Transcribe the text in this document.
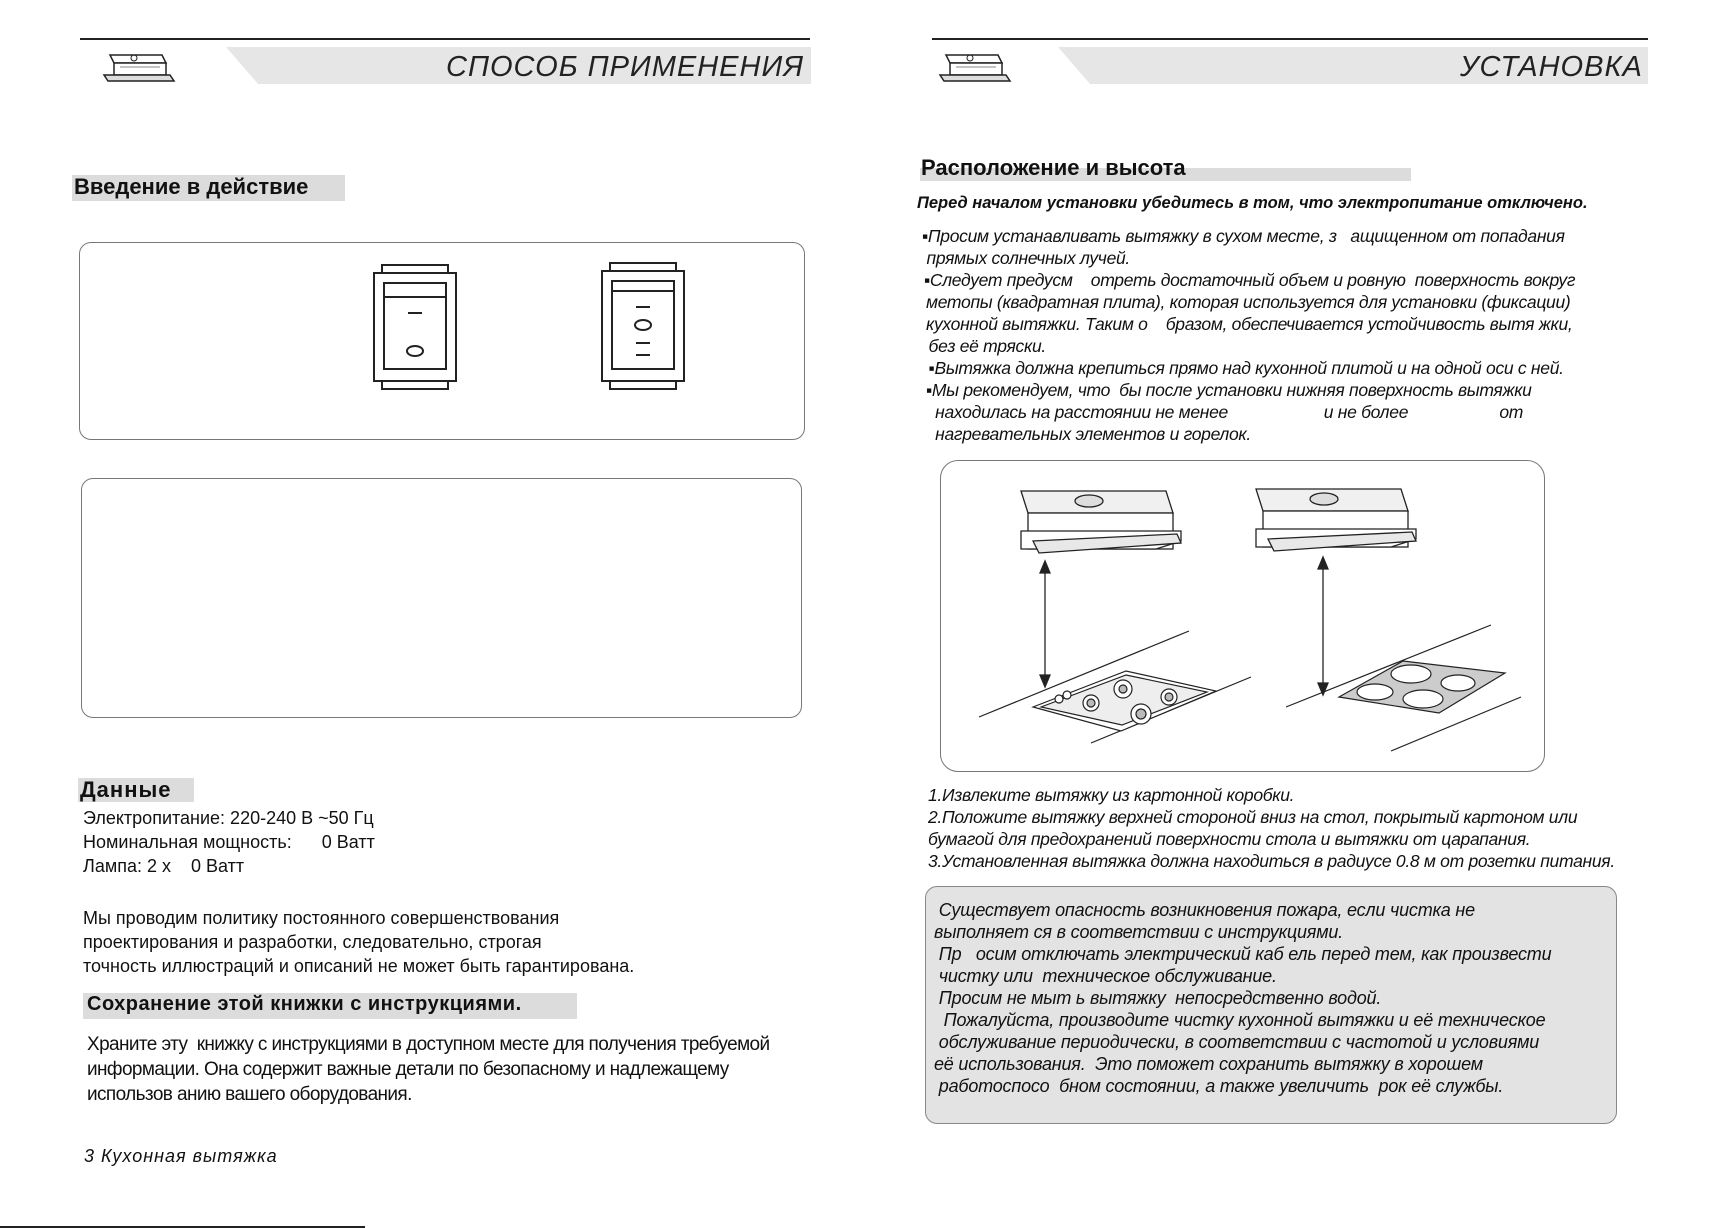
СПОСОБ ПРИМЕНЕНИЯ
Введение в действие
Данные
Электропитание: 220-240 В ~50 Гц
Номинальная мощность:      0 Ватт
Лампа: 2 х    0 Ватт
Мы проводим политику постоянного совершенствования
проектирования и разработки, следовательно, строгая
точность иллюстраций и описаний не может быть гарантирована.
Сохранение этой книжки с инструкциями.
Храните эту  книжку с инструкциями в доступном месте для получения требуемой
информации. Она содержит важные детали по безопасному и надлежащему
использов анию вашего оборудования.
3 Кухонная вытяжка
УСТАНОВКА
Расположение и высота
Перед началом установки убедитесь в том, что электропитание отключено.
▪Просим устанавливать вытяжку в сухом месте, з   ащищенном от попадания
прямых солнечных лучей.
▪Следует предусм    отреть достаточный объем и ровную  поверхность вокруг
метопы (квадратная плита), которая используется для установки (фиксации)
кухонной вытяжки. Таким о    бразом, обеспечивается устойчивость вытя жки,
без её тряски.
▪Вытяжка должна крепиться прямо над кухонной плитой и на одной оси с ней.
▪Мы рекомендуем, что  бы после установки нижняя поверхность вытяжки
находилась на расстоянии не менее                     и не более                    от
нагревательных элементов и горелок.
1.Извлеките вытяжку из картонной коробки.
2.Положите вытяжку верхней стороной вниз на стол, покрытый картоном или
бумагой для предохранений поверхности стола и вытяжки от царапания.
3.Установленная вытяжка должна находиться в радиусе 0.8 м от розетки питания.
Существует опасность возникновения пожара, если чистка не
выполняет ся в соответствии с инструкциями.
Пр   осим отключать электрический каб ель перед тем, как произвести
чистку или  техническое обслуживание.
Просим не мыт ь вытяжку  непосредственно водой.
Пожалуйста, производите чистку кухонной вытяжки и её техническое
обслуживание периодически, в соответствии с частотой и условиями
её использования.  Это поможет сохранить вытяжку в хорошем
работоспосо  бном состоянии, а также увеличить  рок её службы.
